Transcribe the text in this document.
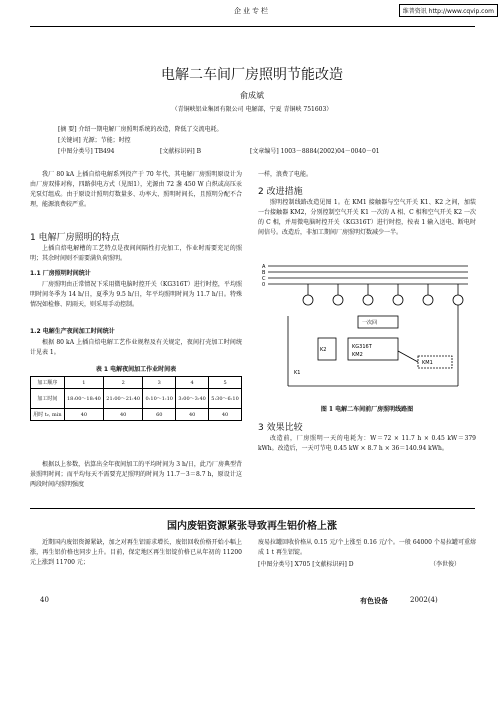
企业专栏	维普资讯 http://www.cqvip.com
电解二车间厂房照明节能改造
俞成斌
（青铜峡铝业集团有限公司 电解部，宁夏 青铜峡 751603）
[摘 要] 介绍一期电解厂房照明系统的改造，降低了交流电耗。
[关键词] 光源；节能；时控
[中图分类号] TB494	[文献标识码] B	[文章编号] 1003－8884(2002)04－0040－01
我厂 80 kA 上插自焙电解系列投产于 70 年代，其电解厂房照明原设计为由厂房双排对称，四路供电方式（见图1），光源由 72 盏 450 W 白炽或高压汞光泵灯组成。由于原设计照明灯数量多、功率大、照明时间长，且照明分配不合理，能源浪费较严重。
1 电解厂房照明的特点
上插自焙电解槽的工艺特点是夜间间隔性打壳加工，作业时需要充足的照明；其余时间则不需要满负荷照明。
1.1 厂房照明时间统计
厂房照明由正常情况下采用微电脑时控开关（KG316T）进行时控，平均照明时间冬季为 14 h/日，夏季为 9.5 h/日，年平均照明时间为 11.7 h/日。特殊情况如检修、阴雨天，则采用手动控制。
1.2 电解生产夜间加工时间统计
根据 80 kA 上插自焙电解工艺作业规程及有关规定，夜间打壳加工时间统计见表 1。
表 1 电解夜间加工作业时间表
加工顺序	1	2	3	4	5
加工时间	18:00～18:40	21:00～21:40	0:10～1:10	3:00～3:40	5:30～6:10
用时 t₂, min	40	40	60	40	40
根据以上参数，估算出全年夜间加工的平均时间为 3 h/日，此乃厂房典型背景照明时间；而平均每天不需要充足照明的时间为 11.7－3＝8.7 h，原设计这两段时间内照明强度
一样，浪费了电能。
2 改进措施
照明控制线路改造见图 1。在 KM1 接触器与空气开关 K1、K2 之间，加装一台接触器 KM2，分别控制空气开关 K1 一次的 A 相、C 相和空气开关 K2 一次的 C 相，并用微电脑时控开关（KG316T）进行时控，按表 1 输入送电、断电时间信号。改造后，非加工期间厂房照明灯数减少一半。
A
B
C
0
一次回
K2	KG316T
KM2
KM1
K1
图 1 电解二车间前厂房照明线路图
3 效果比较
改造前，厂房照明一天的电耗为：W＝72 × 11.7 h × 0.45 kW＝379 kWh。改造后，一天可节电 0.45 kW × 8.7 h × 36＝140.94 kWh。
国内废铝资源紧张导致再生铝价格上涨
近期国内废铝资源紧缺，加之对再生铝需求增长，废铝回收价格开始小幅上涨，再生铝价格也同步上升。目前，保定地区再生铝锭价格已从年初的 11200 元上涨到 11700 元；
废易拉罐回收价格从 0.15 元/个上涨至 0.16 元/个。一般 64000 个易拉罐可重熔成 1 t 再生铝锭。
[中图分类号] X705 [文献标识码] D	（李世俊）
40	有色设备	2002(4)
